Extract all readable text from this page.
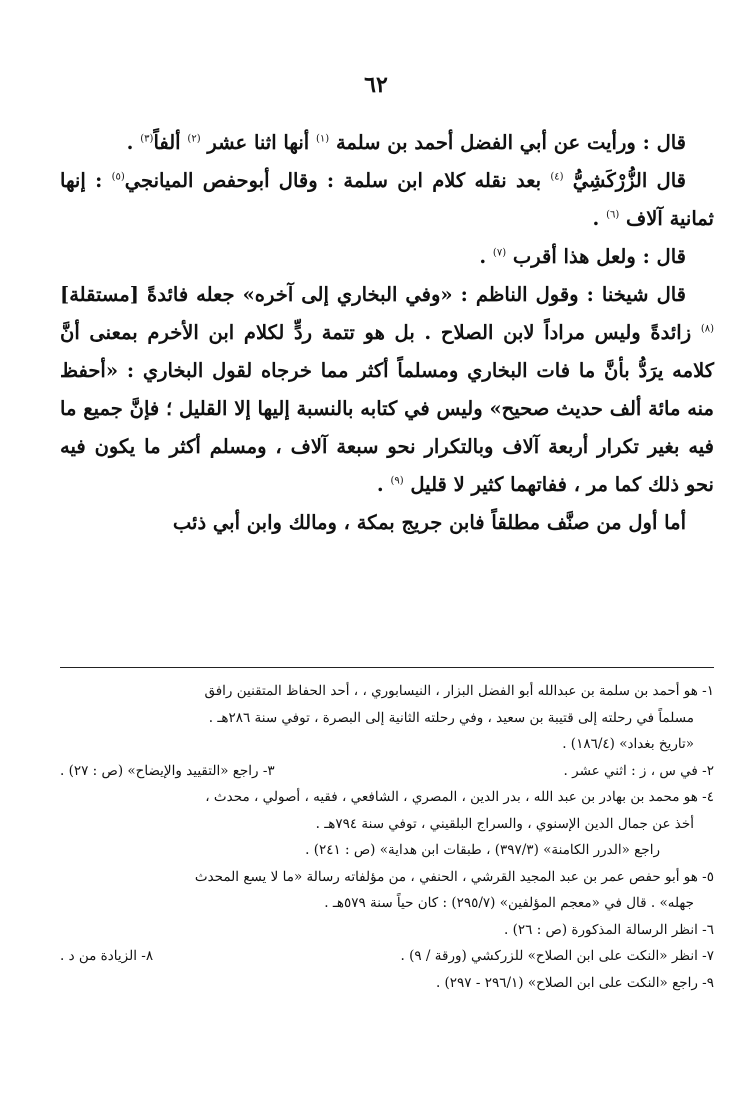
٦٢

قال : ورأيت عن أبي الفضل أحمد بن سلمة $^{(١)}$ أنها اثنا عشر $^{(٢)}$ ألفاً$^{(٣)}$ .

قال الزُّرْكَشِيُّ $^{(٤)}$ بعد نقله كلام ابن سلمة : وقال أبوحفص الميانجي$^{(٥)}$ : إنها ثمانية آلاف $^{(٦)}$ .

قال : ولعل هذا أقرب $^{(٧)}$ .

قال شيخنا : وقول الناظم : «وفي البخاري إلى آخره» جعله فائدةً [مستقلة] $^{(٨)}$ زائدةً وليس مراداً لابن الصلاح . بل هو تتمة ردٍّ لكلام ابن الأخرم بمعنى أنَّ كلامه يرَدُّ بأنَّ ما فات البخاري ومسلماً أكثر مما خرجاه لقول البخاري : «أحفظ منه مائة ألف حديث صحيح» وليس في كتابه بالنسبة إليها إلا القليل ؛ فإنَّ جميع ما فيه بغير تكرار أربعة آلاف وبالتكرار نحو سبعة آلاف ، ومسلم أكثر ما يكون فيه نحو ذلك كما مر ، ففاتهما كثير لا قليل $^{(٩)}$ .

أما أول من صنَّف مطلقاً فابن جريج بمكة ، ومالك وابن أبي ذئب

١- هو أحمد بن سلمة بن عبدالله أبو الفضل البزار ، النيسابوري ، ، أحد الحفاظ المتقنين رافق

مسلماً في رحلته إلى قتيبة بن سعيد ، وفي رحلته الثانية إلى البصرة ، توفي سنة ٢٨٦هـ .

«تاريخ بغداد» (١٨٦/٤) .

٢- في س ، ز : اثني عشر .

٣- راجع «التقييد والإيضاح» (ص : ٢٧) .

٤- هو محمد بن بهادر بن عبد الله ، بدر الدين ، المصري ، الشافعي ، فقيه ، أصولي ، محدث ،

أخذ عن جمال الدين الإسنوي ، والسراج البلقيني ، توفي سنة ٧٩٤هـ .

راجع «الدرر الكامنة» (٣٩٧/٣) ، طبقات ابن هداية» (ص : ٢٤١) .

٥- هو أبو حفص عمر بن عبد المجيد القرشي ، الحنفي ، من مؤلفاته رسالة «ما لا يسع المحدث

جهله» . قال في «معجم المؤلفين» (٢٩٥/٧) : كان حياً سنة ٥٧٩هـ .

٦- انظر الرسالة المذكورة (ص : ٢٦) .

٧- انظر «النكت على ابن الصلاح» للزركشي (ورقة / ٩) .

٨- الزيادة من د .

٩- راجع «النكت على ابن الصلاح» (٢٩٦/١ - ٢٩٧) .
